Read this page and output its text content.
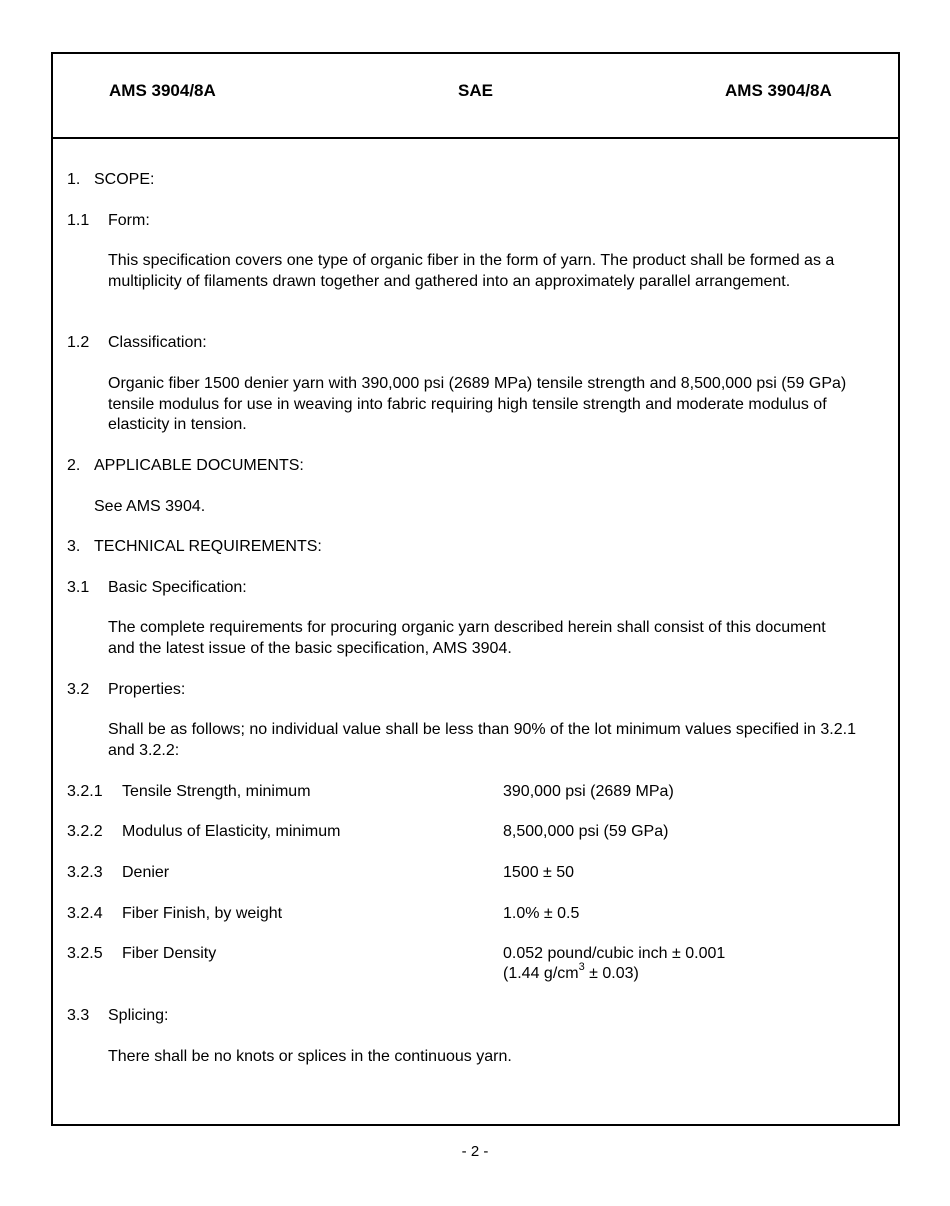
AMS 3904/8A	SAE	AMS 3904/8A
1. SCOPE:
1.1 Form:
This specification covers one type of organic fiber in the form of yarn. The product shall be formed as a multiplicity of filaments drawn together and gathered into an approximately parallel arrangement.
1.2 Classification:
Organic fiber 1500 denier yarn with 390,000 psi (2689 MPa) tensile strength and 8,500,000 psi (59 GPa) tensile modulus for use in weaving into fabric requiring high tensile strength and moderate modulus of elasticity in tension.
2. APPLICABLE DOCUMENTS:
See AMS 3904.
3. TECHNICAL REQUIREMENTS:
3.1 Basic Specification:
The complete requirements for procuring organic yarn described herein shall consist of this document and the latest issue of the basic specification, AMS 3904.
3.2 Properties:
Shall be as follows; no individual value shall be less than 90% of the lot minimum values specified in 3.2.1 and 3.2.2:
3.2.1 Tensile Strength, minimum	390,000 psi (2689 MPa)
3.2.2 Modulus of Elasticity, minimum	8,500,000 psi (59 GPa)
3.2.3 Denier	1500 ± 50
3.2.4 Fiber Finish, by weight	1.0% ± 0.5
3.2.5 Fiber Density	0.052 pound/cubic inch ± 0.001
(1.44 $g/cm^3 \pm 0.03$)
3.3 Splicing:
There shall be no knots or splices in the continuous yarn.
- 2 -
